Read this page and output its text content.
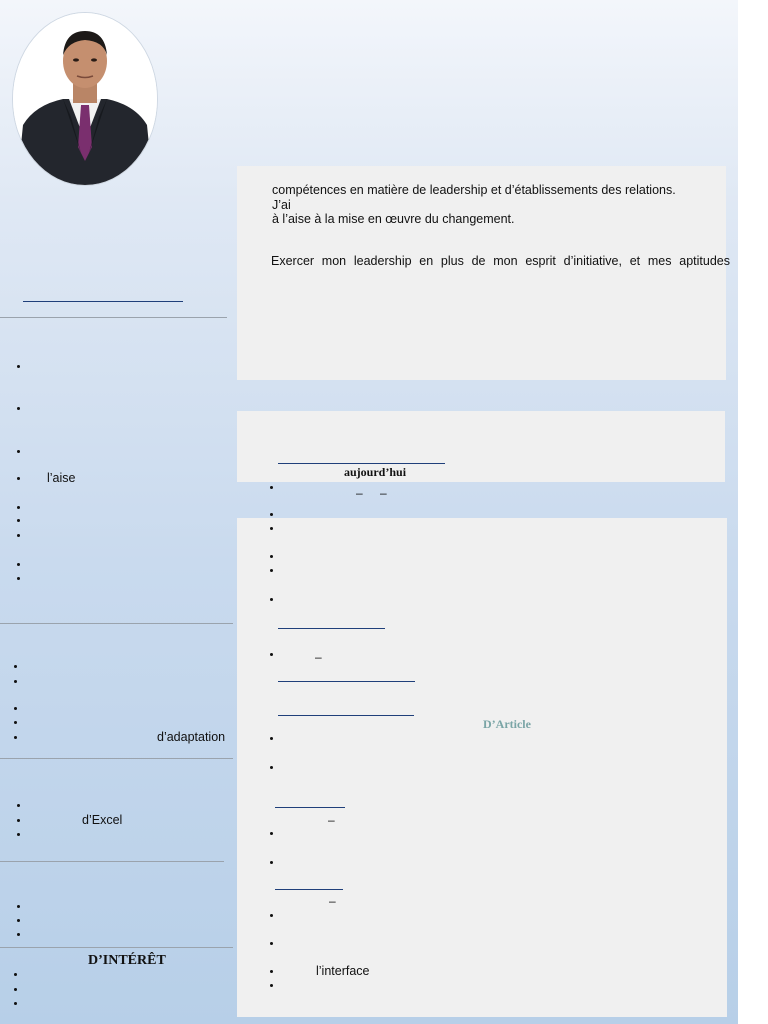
compétences en matière de leadership et d’établissements des relations.
J’ai
à l’aise à la mise en œuvre du changement.
Exercer mon leadership en plus de mon esprit d’initiative, et mes aptitudes
l’aise
d’adaptation
d’Excel
D’INTÉRÊT
aujourd’hui
– –
–
D’Article
–
–
l’interface
